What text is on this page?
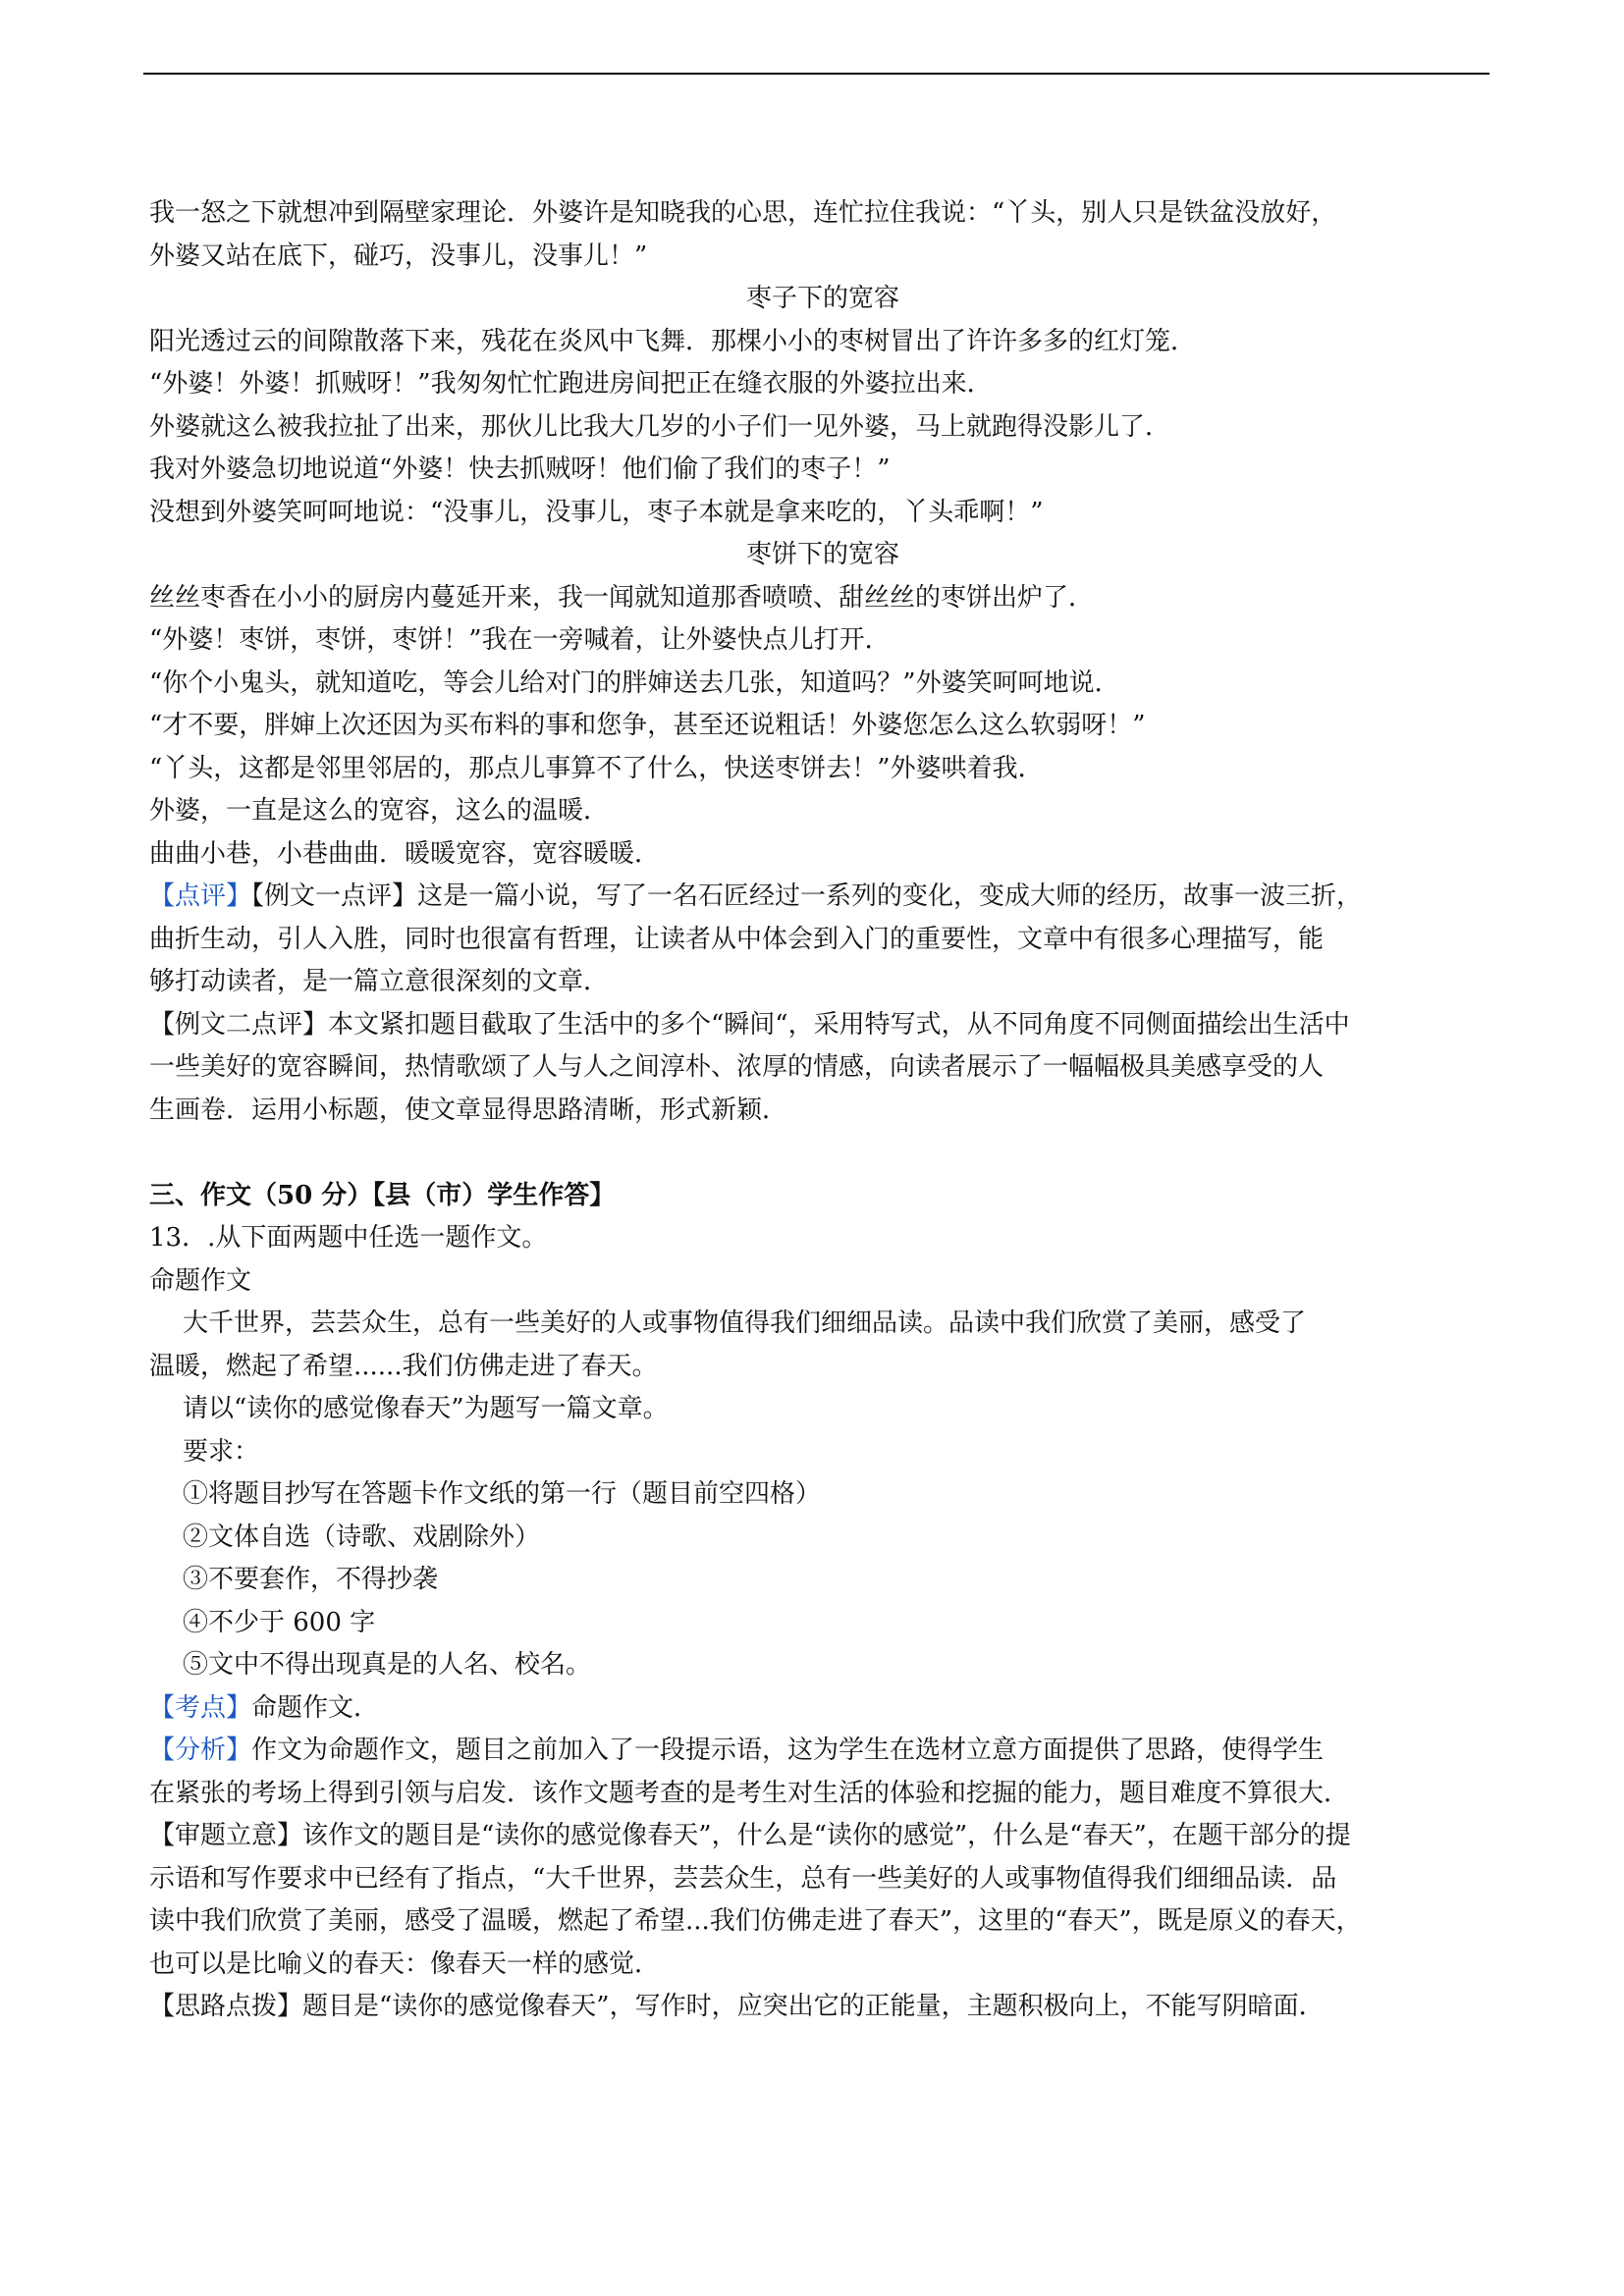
我一怒之下就想冲到隔壁家理论．外婆许是知晓我的心思，连忙拉住我说：“丫头，别人只是铁盆没放好，
外婆又站在底下，碰巧，没事儿，没事儿！”
枣子下的宽容
阳光透过云的间隙散落下来，残花在炎风中飞舞．那棵小小的枣树冒出了许许多多的红灯笼．
“外婆！外婆！抓贼呀！”我匆匆忙忙跑进房间把正在缝衣服的外婆拉出来．
外婆就这么被我拉扯了出来，那伙儿比我大几岁的小子们一见外婆，马上就跑得没影儿了．
我对外婆急切地说道“外婆！快去抓贼呀！他们偷了我们的枣子！”
没想到外婆笑呵呵地说：“没事儿，没事儿，枣子本就是拿来吃的，丫头乖啊！”
枣饼下的宽容
丝丝枣香在小小的厨房内蔓延开来，我一闻就知道那香喷喷、甜丝丝的枣饼出炉了．
“外婆！枣饼，枣饼，枣饼！”我在一旁喊着，让外婆快点儿打开．
“你个小鬼头，就知道吃，等会儿给对门的胖婶送去几张，知道吗？”外婆笑呵呵地说．
“才不要，胖婶上次还因为买布料的事和您争，甚至还说粗话！外婆您怎么这么软弱呀！”
“丫头，这都是邻里邻居的，那点儿事算不了什么，快送枣饼去！”外婆哄着我．
外婆，一直是这么的宽容，这么的温暖．
曲曲小巷，小巷曲曲．暖暖宽容，宽容暖暖．
【点评】【例文一点评】这是一篇小说，写了一名石匠经过一系列的变化，变成大师的经历，故事一波三折，
曲折生动，引人入胜，同时也很富有哲理，让读者从中体会到入门的重要性，文章中有很多心理描写，能
够打动读者，是一篇立意很深刻的文章．
【例文二点评】本文紧扣题目截取了生活中的多个“瞬间“，采用特写式，从不同角度不同侧面描绘出生活中
一些美好的宽容瞬间，热情歌颂了人与人之间淳朴、浓厚的情感，向读者展示了一幅幅极具美感享受的人
生画卷．运用小标题，使文章显得思路清晰，形式新颖．
三、作文（50 分）【县（市）学生作答】
13．.从下面两题中任选一题作文。
命题作文
大千世界，芸芸众生，总有一些美好的人或事物值得我们细细品读。品读中我们欣赏了美丽，感受了
温暖，燃起了希望......我们仿佛走进了春天。
请以“读你的感觉像春天”为题写一篇文章。
要求：
①将题目抄写在答题卡作文纸的第一行（题目前空四格）
②文体自选（诗歌、戏剧除外）
③不要套作，不得抄袭
④不少于 600 字
⑤文中不得出现真是的人名、校名。
【考点】命题作文．
【分析】作文为命题作文，题目之前加入了一段提示语，这为学生在选材立意方面提供了思路，使得学生
在紧张的考场上得到引领与启发．该作文题考查的是考生对生活的体验和挖掘的能力，题目难度不算很大．
【审题立意】该作文的题目是“读你的感觉像春天”，什么是“读你的感觉”，什么是“春天”，在题干部分的提
示语和写作要求中已经有了指点，“大千世界，芸芸众生，总有一些美好的人或事物值得我们细细品读．品
读中我们欣赏了美丽，感受了温暖，燃起了希望...我们仿佛走进了春天”，这里的“春天”，既是原义的春天，
也可以是比喻义的春天：像春天一样的感觉．
【思路点拨】题目是“读你的感觉像春天”，写作时，应突出它的正能量，主题积极向上，不能写阴暗面．
